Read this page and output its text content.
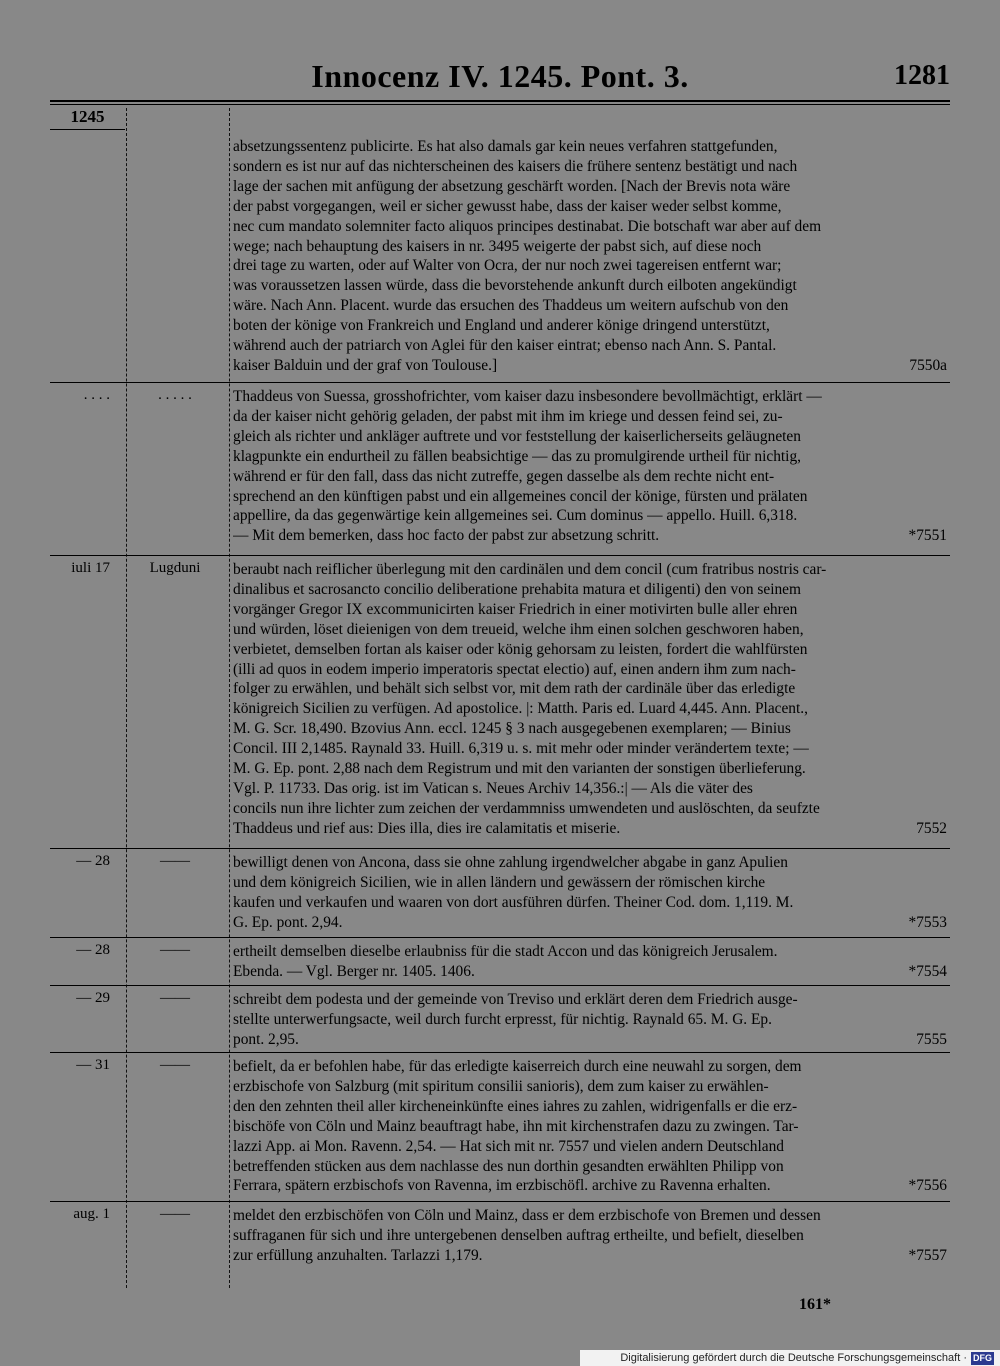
Innocenz IV. 1245. Pont. 3.	1281
1245
absetzungssentenz publicirte. Es hat also damals gar kein neues verfahren stattgefunden,
sondern es ist nur auf das nichterscheinen des kaisers die frühere sentenz bestätigt und nach
lage der sachen mit anfügung der absetzung geschärft worden. [Nach der Brevis nota wäre
der pabst vorgegangen, weil er sicher gewusst habe, dass der kaiser weder selbst komme,
nec cum mandato solemniter facto aliquos principes destinabat. Die botschaft war aber auf dem
wege; nach behauptung des kaisers in nr. 3495 weigerte der pabst sich, auf diese noch
drei tage zu warten, oder auf Walter von Ocra, der nur noch zwei tagereisen entfernt war;
was voraussetzen lassen würde, dass die bevorstehende ankunft durch eilboten angekündigt
wäre. Nach Ann. Placent. wurde das ersuchen des Thaddeus um weitern aufschub von den
boten der könige von Frankreich und England und anderer könige dringend unterstützt,
während auch der patriarch von Aglei für den kaiser eintrat; ebenso nach Ann. S. Pantal.
kaiser Balduin und der graf von Toulouse.]	7550a
. . . .	. . . . .	Thaddeus von Suessa, grosshofrichter, vom kaiser dazu insbesondere bevollmächtigt, erklärt —
da der kaiser nicht gehörig geladen, der pabst mit ihm im kriege und dessen feind sei, zu-
gleich als richter und ankläger auftrete und vor feststellung der kaiserlicherseits geläugneten
klagpunkte ein endurtheil zu fällen beabsichtige — das zu promulgirende urtheil für nichtig,
während er für den fall, dass das nicht zutreffe, gegen dasselbe als dem rechte nicht ent-
sprechend an den künftigen pabst und ein allgemeines concil der könige, fürsten und prälaten
appellire, da das gegenwärtige kein allgemeines sei. Cum dominus — appello. Huill. 6,318.
— Mit dem bemerken, dass hoc facto der pabst zur absetzung schritt.	*7551
iuli 17	Lugduni	beraubt nach reiflicher überlegung mit den cardinälen und dem concil (cum fratribus nostris car-
dinalibus et sacrosancto concilio deliberatione prehabita matura et diligenti) den von seinem
vorgänger Gregor IX excommunicirten kaiser Friedrich in einer motivirten bulle aller ehren
und würden, löset dieienigen von dem treueid, welche ihm einen solchen geschworen haben,
verbietet, demselben fortan als kaiser oder könig gehorsam zu leisten, fordert die wahlfürsten
(illi ad quos in eodem imperio imperatoris spectat electio) auf, einen andern ihm zum nach-
folger zu erwählen, und behält sich selbst vor, mit dem rath der cardinäle über das erledigte
königreich Sicilien zu verfügen. Ad apostolice. |: Matth. Paris ed. Luard 4,445. Ann. Placent.,
M. G. Scr. 18,490. Bzovius Ann. eccl. 1245 § 3 nach ausgegebenen exemplaren; — Binius
Concil. III 2,1485. Raynald 33. Huill. 6,319 u. s. mit mehr oder minder verändertem texte; —
M. G. Ep. pont. 2,88 nach dem Registrum und mit den varianten der sonstigen überlieferung.
Vgl. P. 11733. Das orig. ist im Vatican s. Neues Archiv 14,356.:| — Als die väter des
concils nun ihre lichter zum zeichen der verdammniss umwendeten und auslöschten, da seufzte
Thaddeus und rief aus: Dies illa, dies ire calamitatis et miserie.	7552
— 28	——	bewilligt denen von Ancona, dass sie ohne zahlung irgendwelcher abgabe in ganz Apulien
und dem königreich Sicilien, wie in allen ländern und gewässern der römischen kirche
kaufen und verkaufen und waaren von dort ausführen dürfen. Theiner Cod. dom. 1,119. M.
G. Ep. pont. 2,94.	*7553
— 28	——	ertheilt demselben dieselbe erlaubniss für die stadt Accon und das königreich Jerusalem.
Ebenda. — Vgl. Berger nr. 1405. 1406.	*7554
— 29	——	schreibt dem podesta und der gemeinde von Treviso und erklärt deren dem Friedrich ausge-
stellte unterwerfungsacte, weil durch furcht erpresst, für nichtig. Raynald 65. M. G. Ep.
pont. 2,95.	7555
— 31	——	befielt, da er befohlen habe, für das erledigte kaiserreich durch eine neuwahl zu sorgen, dem
erzbischofe von Salzburg (mit spiritum consilii sanioris), dem zum kaiser zu erwählen-
den den zehnten theil aller kircheneinkünfte eines iahres zu zahlen, widrigenfalls er die erz-
bischöfe von Cöln und Mainz beauftragt habe, ihn mit kirchenstrafen dazu zu zwingen. Tar-
lazzi App. ai Mon. Ravenn. 2,54. — Hat sich mit nr. 7557 und vielen andern Deutschland
betreffenden stücken aus dem nachlasse des nun dorthin gesandten erwählten Philipp von
Ferrara, spätern erzbischofs von Ravenna, im erzbischöfl. archive zu Ravenna erhalten.	*7556
aug. 1	——	meldet den erzbischöfen von Cöln und Mainz, dass er dem erzbischofe von Bremen und dessen
suffraganen für sich und ihre untergebenen denselben auftrag ertheilte, und befielt, dieselben
zur erfüllung anzuhalten. Tarlazzi 1,179.	*7557
161*
Digitalisierung gefördert durch die Deutsche Forschungsgemeinschaft · DFG
